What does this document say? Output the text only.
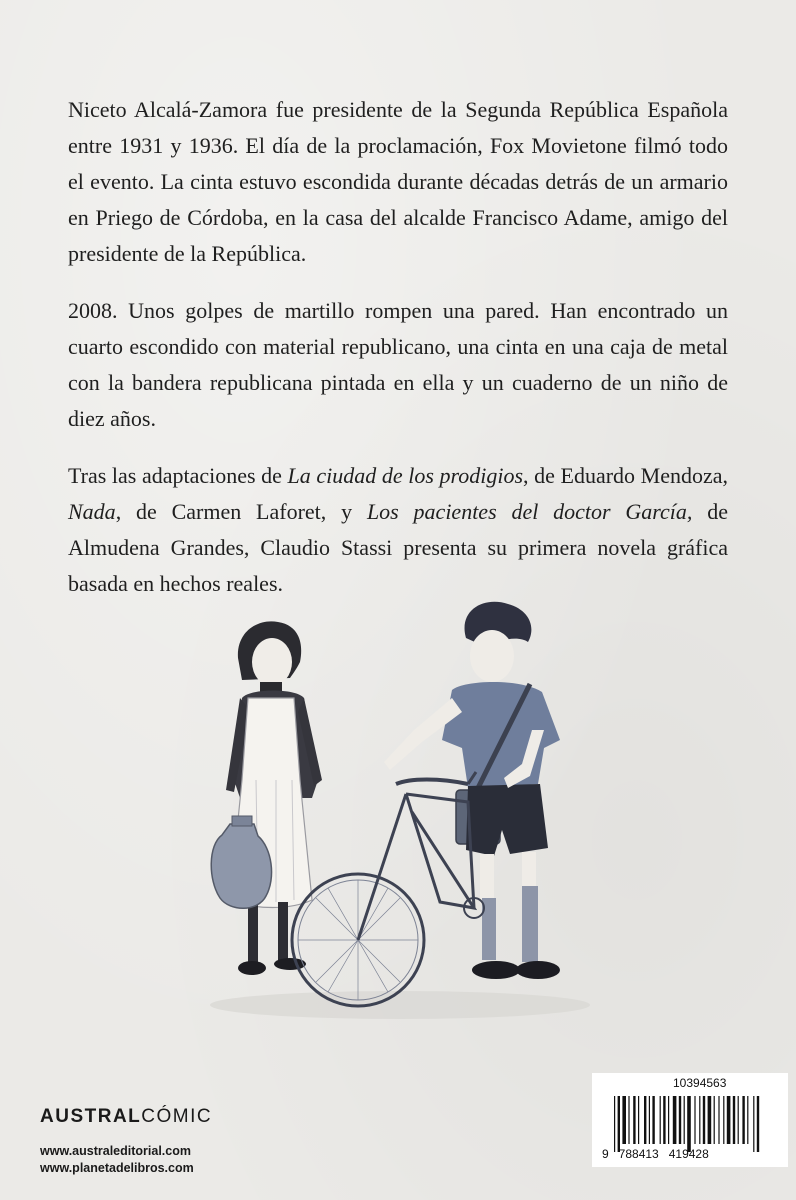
Niceto Alcalá-Zamora fue presidente de la Segunda República Española entre 1931 y 1936. El día de la proclamación, Fox Movietone filmó todo el evento. La cinta estuvo escondida durante décadas detrás de un armario en Priego de Córdoba, en la casa del alcalde Francisco Adame, amigo del presidente de la República.

2008. Unos golpes de martillo rompen una pared. Han encontrado un cuarto escondido con material republicano, una cinta en una caja de metal con la bandera republicana pintada en ella y un cuaderno de un niño de diez años.

Tras las adaptaciones de La ciudad de los prodigios, de Eduardo Mendoza, Nada, de Carmen Laforet, y Los pacientes del doctor García, de Almudena Grandes, Claudio Stassi presenta su primera novela gráfica basada en hechos reales.

AUSTRALCÓMIC
www.australeditorial.com
www.planetadelibros.com
10394563
9   788413   419428
